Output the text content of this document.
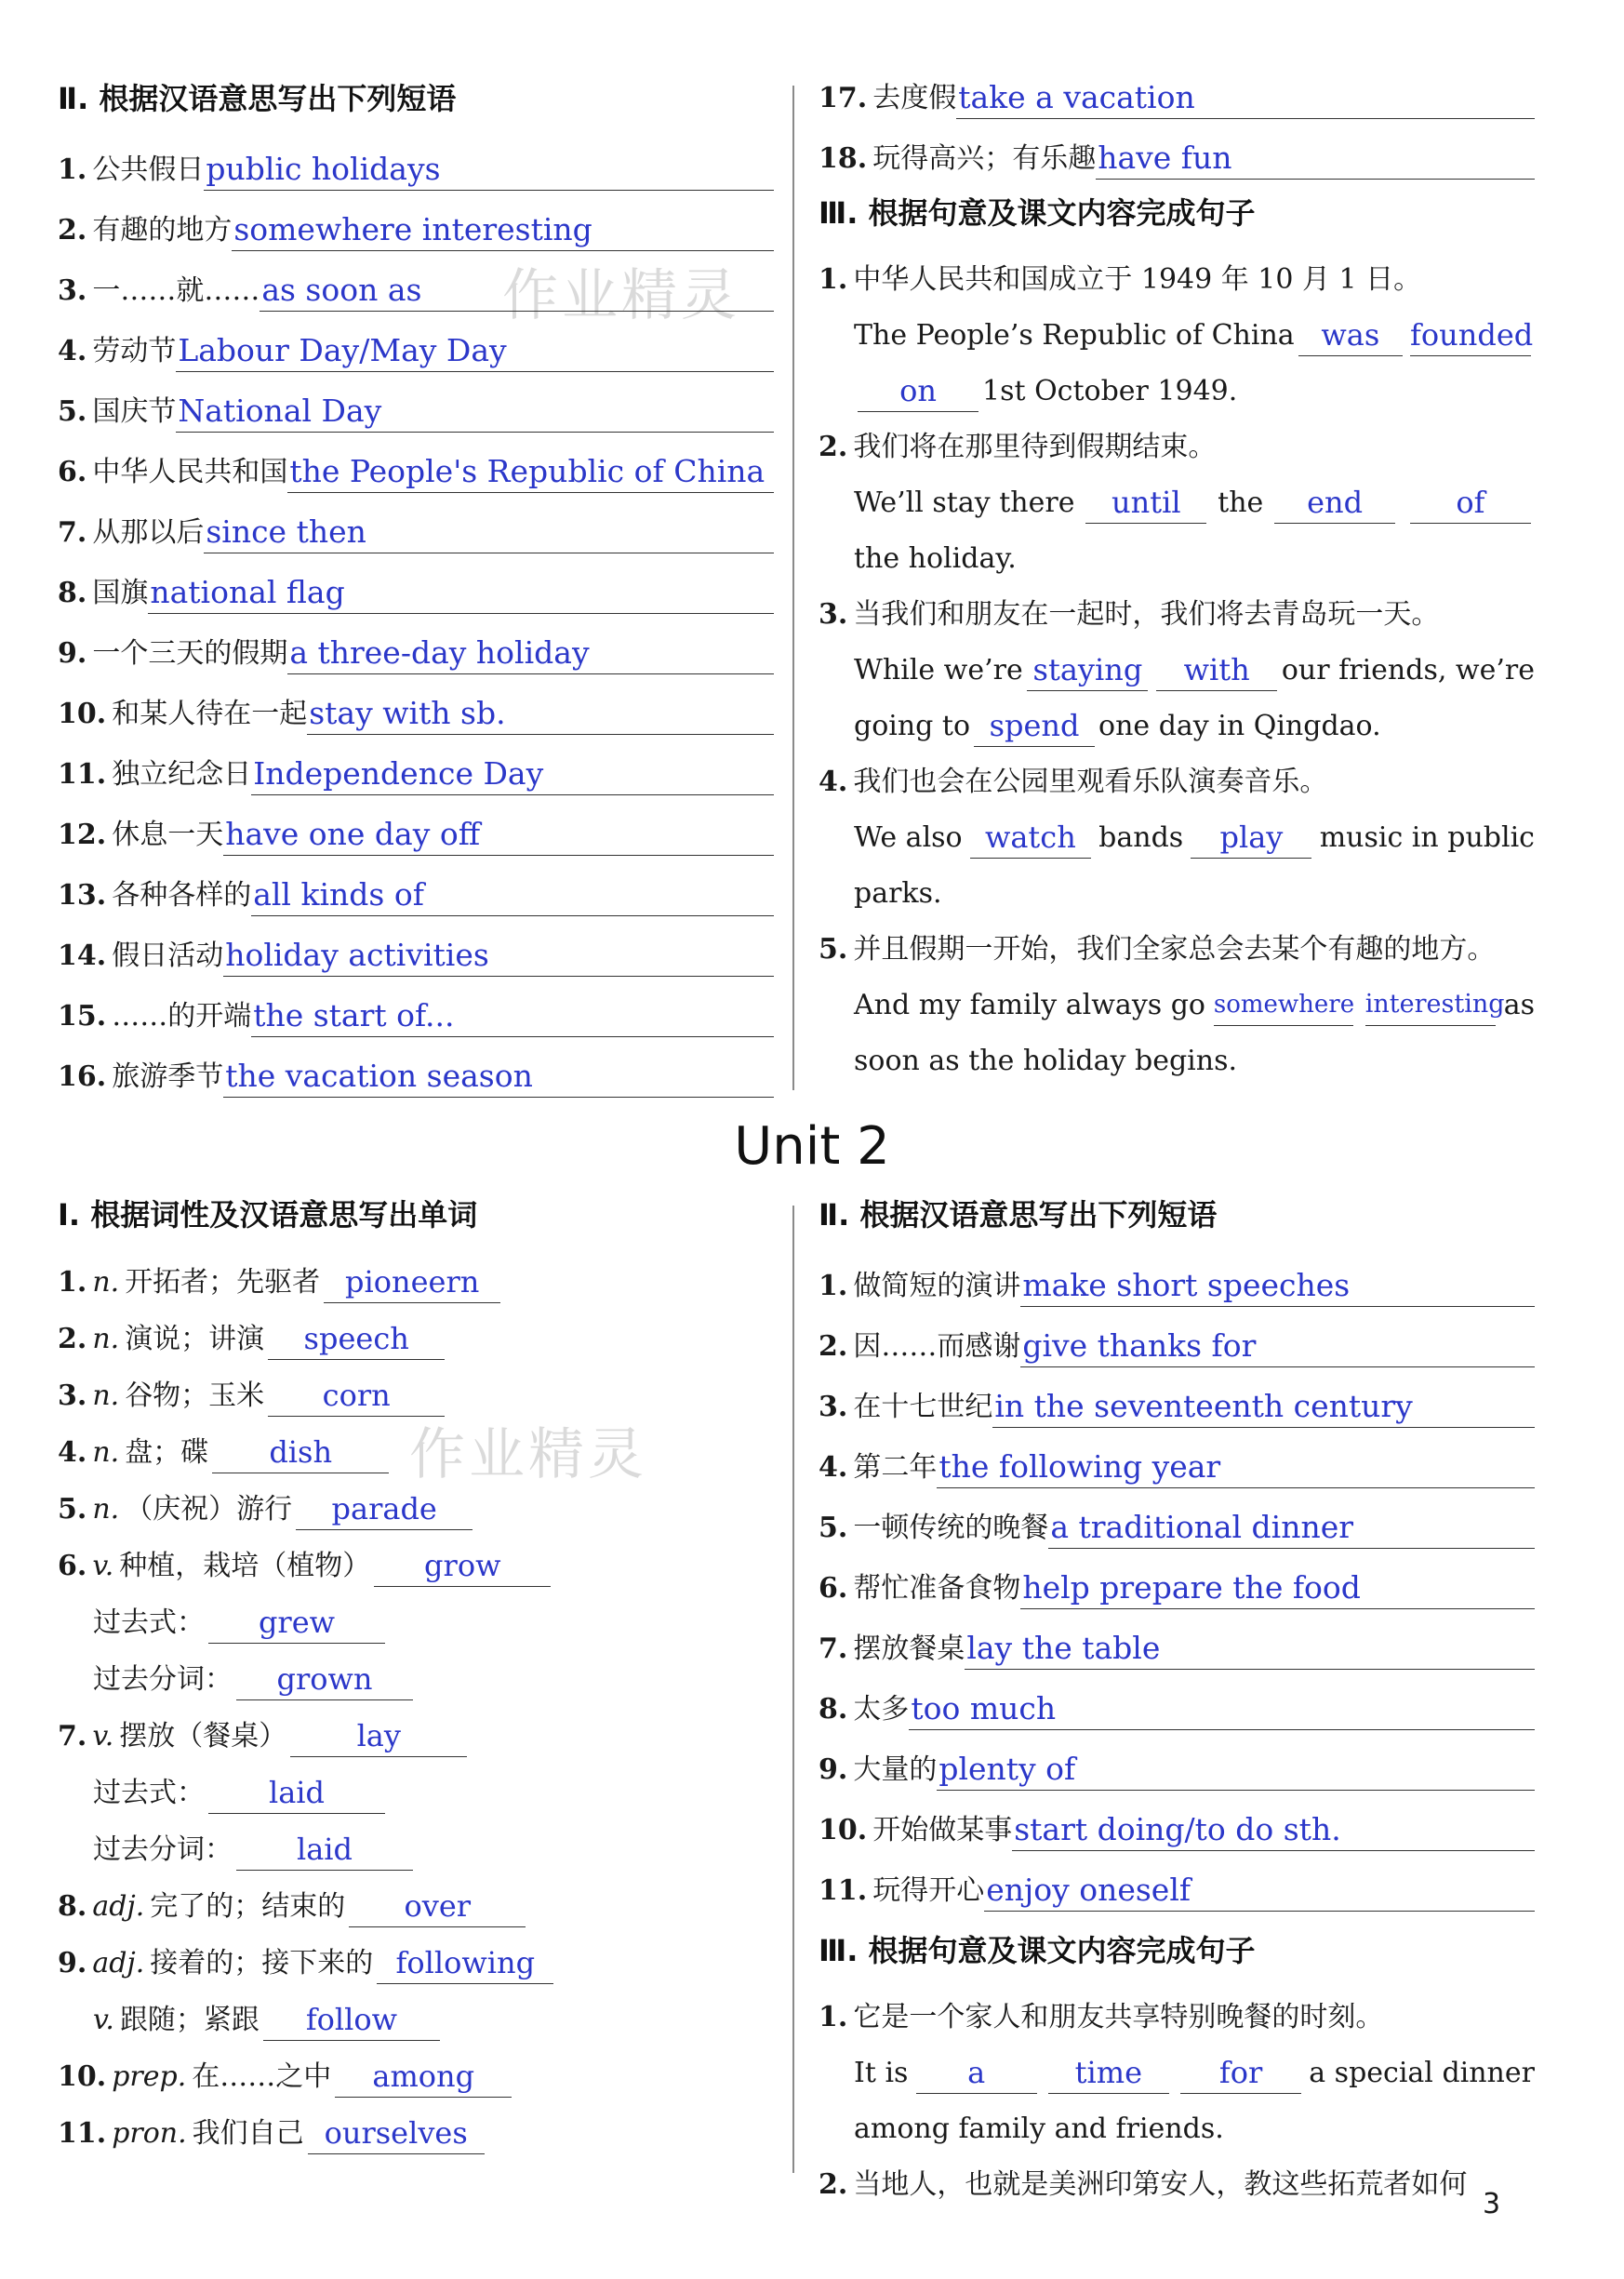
作业精灵
作业精灵
Ⅱ. 根据汉语意思写出下列短语
1. 公共假日 public holidays
2. 有趣的地方 somewhere interesting
3. 一……就…… as soon as
4. 劳动节 Labour Day/May Day
5. 国庆节 National Day
6. 中华人民共和国 the People's Republic of China
7. 从那以后 since then
8. 国旗 national flag
9. 一个三天的假期 a three-day holiday
10. 和某人待在一起 stay with sb.
11. 独立纪念日 Independence Day
12. 休息一天 have one day off
13. 各种各样的 all kinds of
14. 假日活动 holiday activities
15. ……的开端 the start of...
16. 旅游季节 the vacation season
17. 去度假 take a vacation
18. 玩得高兴；有乐趣 have fun
Ⅲ. 根据句意及课文内容完成句子
1. 中华人民共和国成立于 1949 年 10 月 1 日。
The People’s Republic of China was	founded
on	1st October 1949.
2. 我们将在那里待到假期结束。
We’ll stay there	until	the	end	of
the holiday.
3. 当我们和朋友在一起时，我们将去青岛玩一天。
While we’re staying	with	our friends, we’re
going to spend one day in Qingdao.
4. 我们也会在公园里观看乐队演奏音乐。
We also watch bands	play	music in public
parks.
5. 并且假期一开始，我们全家总会去某个有趣的地方。
And my family always go somewhere interesting as
soon as the holiday begins.
Unit 2
Ⅰ. 根据词性及汉语意思写出单词
1. n. 开拓者；先驱者 pioneern
2. n. 演说；讲演	speech
3. n. 谷物；玉米	corn
4. n. 盘；碟	dish
5. n. （庆祝）游行	parade
6. v. 种植，栽培（植物）	grow
过去式：	grew
过去分词：	grown
7. v. 摆放（餐桌）	lay
过去式：	laid
过去分词：	laid
8. adj. 完了的；结束的	over
9. adj. 接着的；接下来的 following
v. 跟随；紧跟	follow
10. prep. 在……之中	among
11. pron. 我们自己 ourselves
Ⅱ. 根据汉语意思写出下列短语
1. 做简短的演讲 make short speeches
2. 因……而感谢 give thanks for
3. 在十七世纪 in the seventeenth century
4. 第二年 the following year
5. 一顿传统的晚餐 a traditional dinner
6. 帮忙准备食物 help prepare the food
7. 摆放餐桌 lay the table
8. 太多 too much
9. 大量的 plenty of
10. 开始做某事 start doing/to do sth.
11. 玩得开心 enjoy oneself
Ⅲ. 根据句意及课文内容完成句子
1. 它是一个家人和朋友共享特别晚餐的时刻。
It is	a	time	for	a special dinner
among family and friends.
2. 当地人，也就是美洲印第安人，教这些拓荒者如何
3
